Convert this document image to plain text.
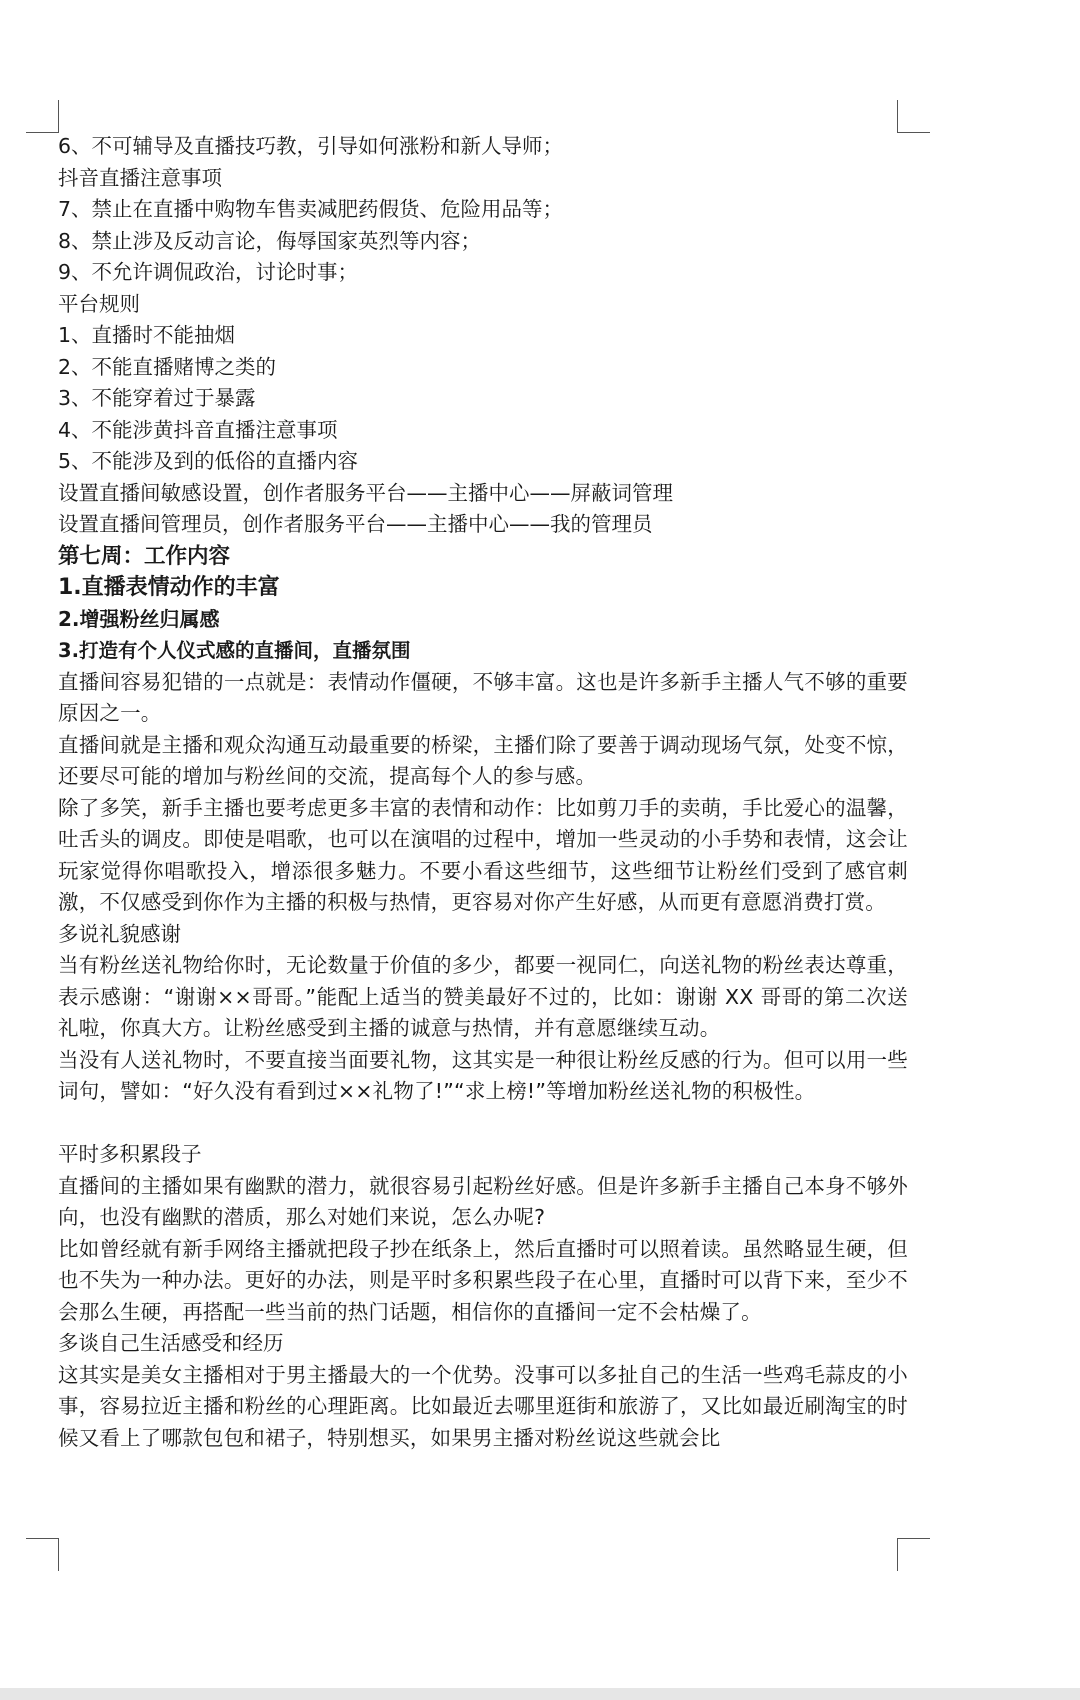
6、不可辅导及直播技巧教，引导如何涨粉和新人导师；
抖音直播注意事项
7、禁止在直播中购物车售卖减肥药假货、危险用品等；
8、禁止涉及反动言论，侮辱国家英烈等内容；
9、不允许调侃政治，讨论时事；
平台规则
1、直播时不能抽烟
2、不能直播赌博之类的
3、不能穿着过于暴露
4、不能涉黄抖音直播注意事项
5、不能涉及到的低俗的直播内容
设置直播间敏感设置，创作者服务平台——主播中心——屏蔽词管理
设置直播间管理员，创作者服务平台——主播中心——我的管理员
第七周：工作内容
1.直播表情动作的丰富
2.增强粉丝归属感
3.打造有个人仪式感的直播间，直播氛围
直播间容易犯错的一点就是：表情动作僵硬，不够丰富。这也是许多新手主播人气不够的重要原因之一。
直播间就是主播和观众沟通互动最重要的桥梁，主播们除了要善于调动现场气氛，处变不惊，还要尽可能的增加与粉丝间的交流，提高每个人的参与感。
除了多笑，新手主播也要考虑更多丰富的表情和动作：比如剪刀手的卖萌，手比爱心的温馨，吐舌头的调皮。即使是唱歌，也可以在演唱的过程中，增加一些灵动的小手势和表情，这会让玩家觉得你唱歌投入，增添很多魅力。不要小看这些细节，这些细节让粉丝们受到了感官刺激，不仅感受到你作为主播的积极与热情，更容易对你产生好感，从而更有意愿消费打赏。
多说礼貌感谢
当有粉丝送礼物给你时，无论数量于价值的多少，都要一视同仁，向送礼物的粉丝表达尊重，表示感谢：“谢谢××哥哥。”能配上适当的赞美最好不过的，比如：谢谢 XX 哥哥的第二次送礼啦，你真大方。让粉丝感受到主播的诚意与热情，并有意愿继续互动。
当没有人送礼物时，不要直接当面要礼物，这其实是一种很让粉丝反感的行为。但可以用一些词句，譬如：“好久没有看到过××礼物了!”“求上榜!”等增加粉丝送礼物的积极性。
平时多积累段子
直播间的主播如果有幽默的潜力，就很容易引起粉丝好感。但是许多新手主播自己本身不够外向，也没有幽默的潜质，那么对她们来说，怎么办呢?
比如曾经就有新手网络主播就把段子抄在纸条上，然后直播时可以照着读。虽然略显生硬，但也不失为一种办法。更好的办法，则是平时多积累些段子在心里，直播时可以背下来，至少不会那么生硬，再搭配一些当前的热门话题，相信你的直播间一定不会枯燥了。
多谈自己生活感受和经历
这其实是美女主播相对于男主播最大的一个优势。没事可以多扯自己的生活一些鸡毛蒜皮的小事，容易拉近主播和粉丝的心理距离。比如最近去哪里逛街和旅游了，又比如最近刷淘宝的时候又看上了哪款包包和裙子，特别想买，如果男主播对粉丝说这些就会比
